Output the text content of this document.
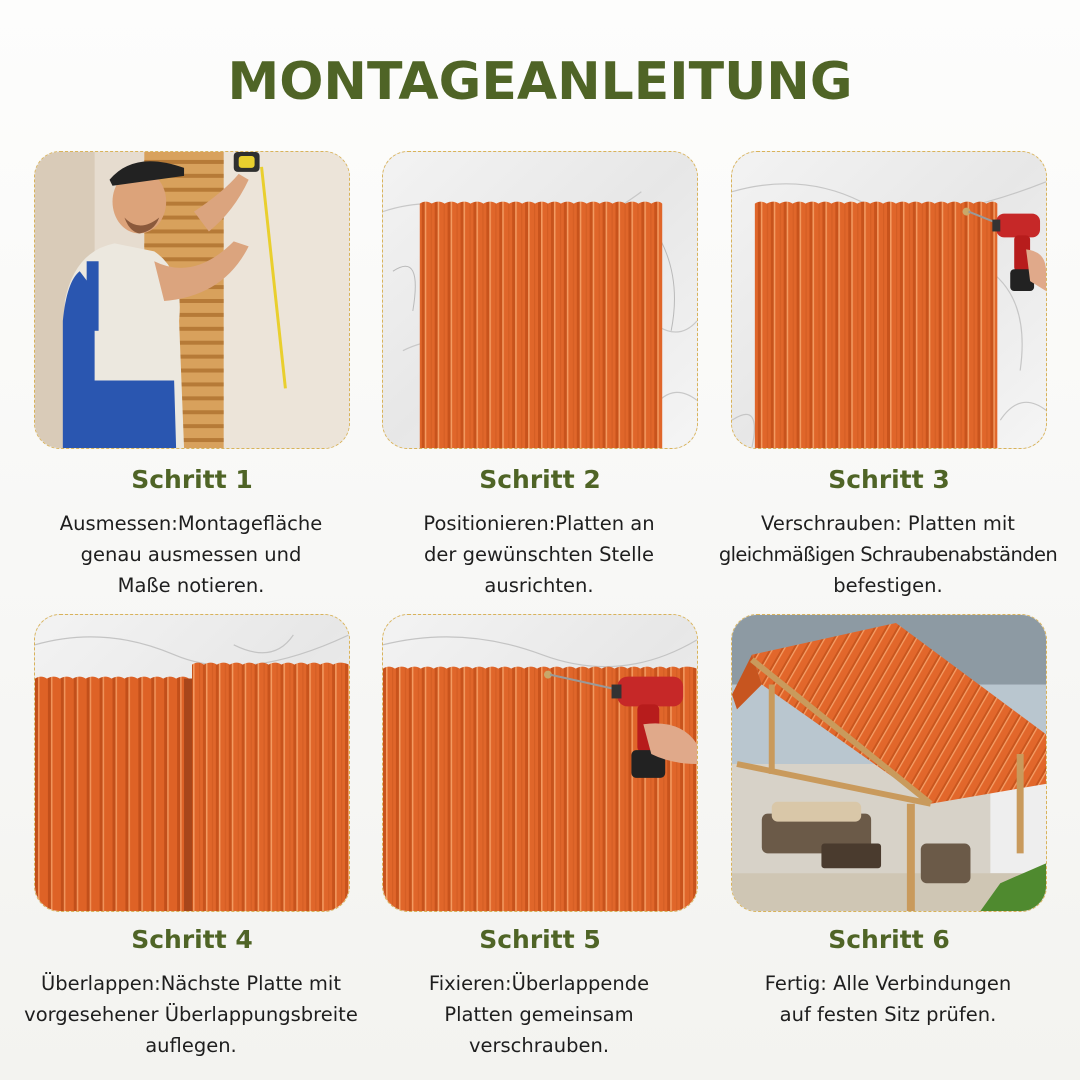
MONTAGEANLEITUNG
Schritt 1	Schritt 2	Schritt 3
Schritt 4	Schritt 5	Schritt 6
Ausmessen:Montagefläche
genau ausmessen und
Maße notieren.
Positionieren:Platten an
der gewünschten Stelle
ausrichten.
Verschrauben: Platten mit
gleichmäßigen Schraubenabständen
befestigen.
Überlappen:Nächste Platte mit
vorgesehener Überlappungsbreite
auflegen.
Fixieren:Überlappende
Platten gemeinsam
verschrauben.
Fertig: Alle Verbindungen
auf festen Sitz prüfen.
